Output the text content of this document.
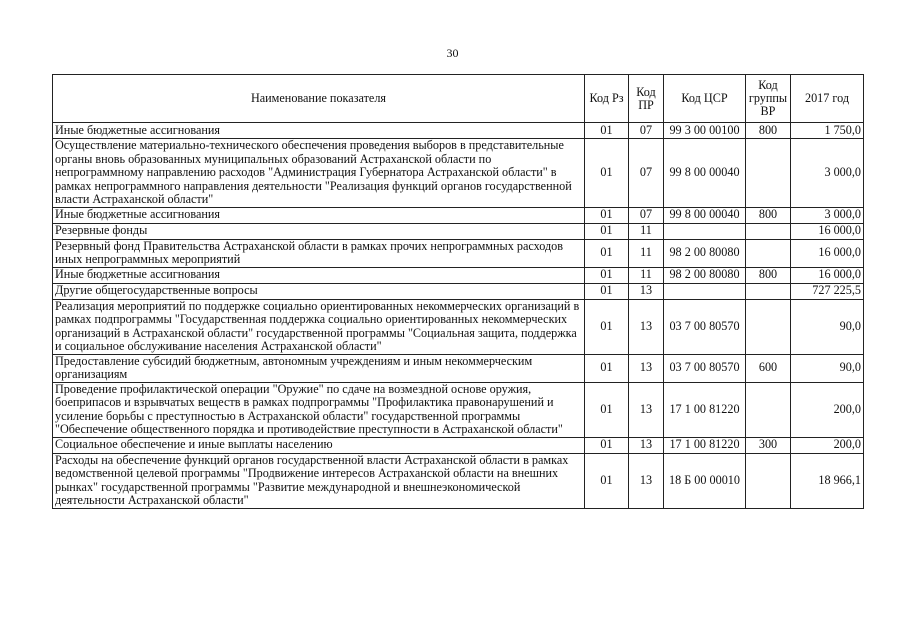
30
Наименование показателя	Код Рз	Код ПР	Код ЦСР	Код группы ВР	2017 год
Иные бюджетные ассигнования	01	07	99 3 00 00100	800	1 750,0
Осуществление материально-технического обеспечения проведения выборов в представительные органы вновь образованных муниципальных образований Астраханской области по непрограммному направлению расходов "Администрация Губернатора Астраханской области" в рамках непрограммного направления деятельности "Реализация функций органов государственной власти Астраханской области"	01	07	99 8 00 00040		3 000,0
Иные бюджетные ассигнования	01	07	99 8 00 00040	800	3 000,0
Резервные фонды	01	11			16 000,0
Резервный фонд Правительства Астраханской области в рамках прочих непрограммных расходов иных непрограммных мероприятий	01	11	98 2 00 80080		16 000,0
Иные бюджетные ассигнования	01	11	98 2 00 80080	800	16 000,0
Другие общегосударственные вопросы	01	13			727 225,5
Реализация мероприятий по поддержке социально ориентированных некоммерческих организаций в рамках подпрограммы "Государственная поддержка социально ориентированных некоммерческих организаций в Астраханской области" государственной программы "Социальная защита, поддержка и социальное обслуживание населения Астраханской области"	01	13	03 7 00 80570		90,0
Предоставление субсидий бюджетным, автономным учреждениям и иным некоммерческим организациям	01	13	03 7 00 80570	600	90,0
Проведение профилактической операции "Оружие" по сдаче на возмездной основе оружия, боеприпасов и взрывчатых веществ в рамках подпрограммы "Профилактика правонарушений и усиление борьбы с преступностью в Астраханской области" государственной программы "Обеспечение общественного порядка и противодействие преступности в Астраханской области"	01	13	17 1 00 81220		200,0
Социальное обеспечение и иные выплаты населению	01	13	17 1 00 81220	300	200,0
Расходы на обеспечение функций органов государственной власти Астраханской области в рамках ведомственной целевой программы "Продвижение интересов Астраханской области на внешних рынках" государственной программы "Развитие международной и внешнеэкономической деятельности Астраханской области"	01	13	18 Б 00 00010		18 966,1
